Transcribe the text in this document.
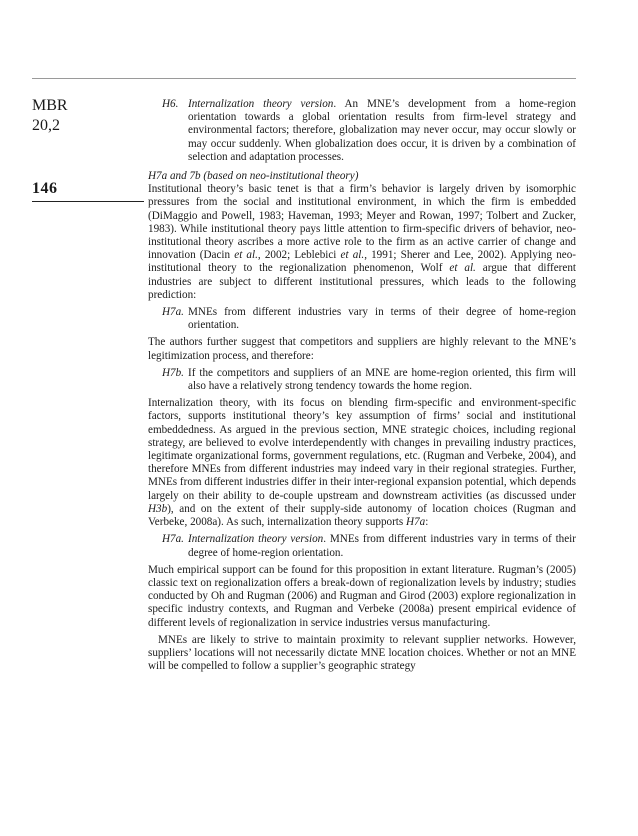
MBR
20,2
146
H6. Internalization theory version. An MNE’s development from a home-region orientation towards a global orientation results from firm-level strategy and environmental factors; therefore, globalization may never occur, may occur slowly or may occur suddenly. When globalization does occur, it is driven by a combination of selection and adaptation processes.
H7a and 7b (based on neo-institutional theory)

Institutional theory’s basic tenet is that a firm’s behavior is largely driven by isomorphic pressures from the social and institutional environment, in which the firm is embedded (DiMaggio and Powell, 1983; Haveman, 1993; Meyer and Rowan, 1997; Tolbert and Zucker, 1983). While institutional theory pays little attention to firm-specific drivers of behavior, neo-institutional theory ascribes a more active role to the firm as an active carrier of change and innovation (Dacin et al., 2002; Leblebici et al., 1991; Sherer and Lee, 2002). Applying neo-institutional theory to the regionalization phenomenon, Wolf et al. argue that different industries are subject to different institutional pressures, which leads to the following prediction:

H7a. MNEs from different industries vary in terms of their degree of home-region orientation.

The authors further suggest that competitors and suppliers are highly relevant to the MNE’s legitimization process, and therefore:

H7b. If the competitors and suppliers of an MNE are home-region oriented, this firm will also have a relatively strong tendency towards the home region.

Internalization theory, with its focus on blending firm-specific and environment-specific factors, supports institutional theory’s key assumption of firms’ social and institutional embeddedness. As argued in the previous section, MNE strategic choices, including regional strategy, are believed to evolve interdependently with changes in prevailing industry practices, legitimate organizational forms, government regulations, etc. (Rugman and Verbeke, 2004), and therefore MNEs from different industries may indeed vary in their regional strategies. Further, MNEs from different industries differ in their inter-regional expansion potential, which depends largely on their ability to de-couple upstream and downstream activities (as discussed under H3b), and on the extent of their supply-side autonomy of location choices (Rugman and Verbeke, 2008a). As such, internalization theory supports H7a:

H7a. Internalization theory version. MNEs from different industries vary in terms of their degree of home-region orientation.

Much empirical support can be found for this proposition in extant literature. Rugman’s (2005) classic text on regionalization offers a break-down of regionalization levels by industry; studies conducted by Oh and Rugman (2006) and Rugman and Girod (2003) explore regionalization in specific industry contexts, and Rugman and Verbeke (2008a) present empirical evidence of different levels of regionalization in service industries versus manufacturing.

MNEs are likely to strive to maintain proximity to relevant supplier networks. However, suppliers’ locations will not necessarily dictate MNE location choices. Whether or not an MNE will be compelled to follow a supplier’s geographic strategy
